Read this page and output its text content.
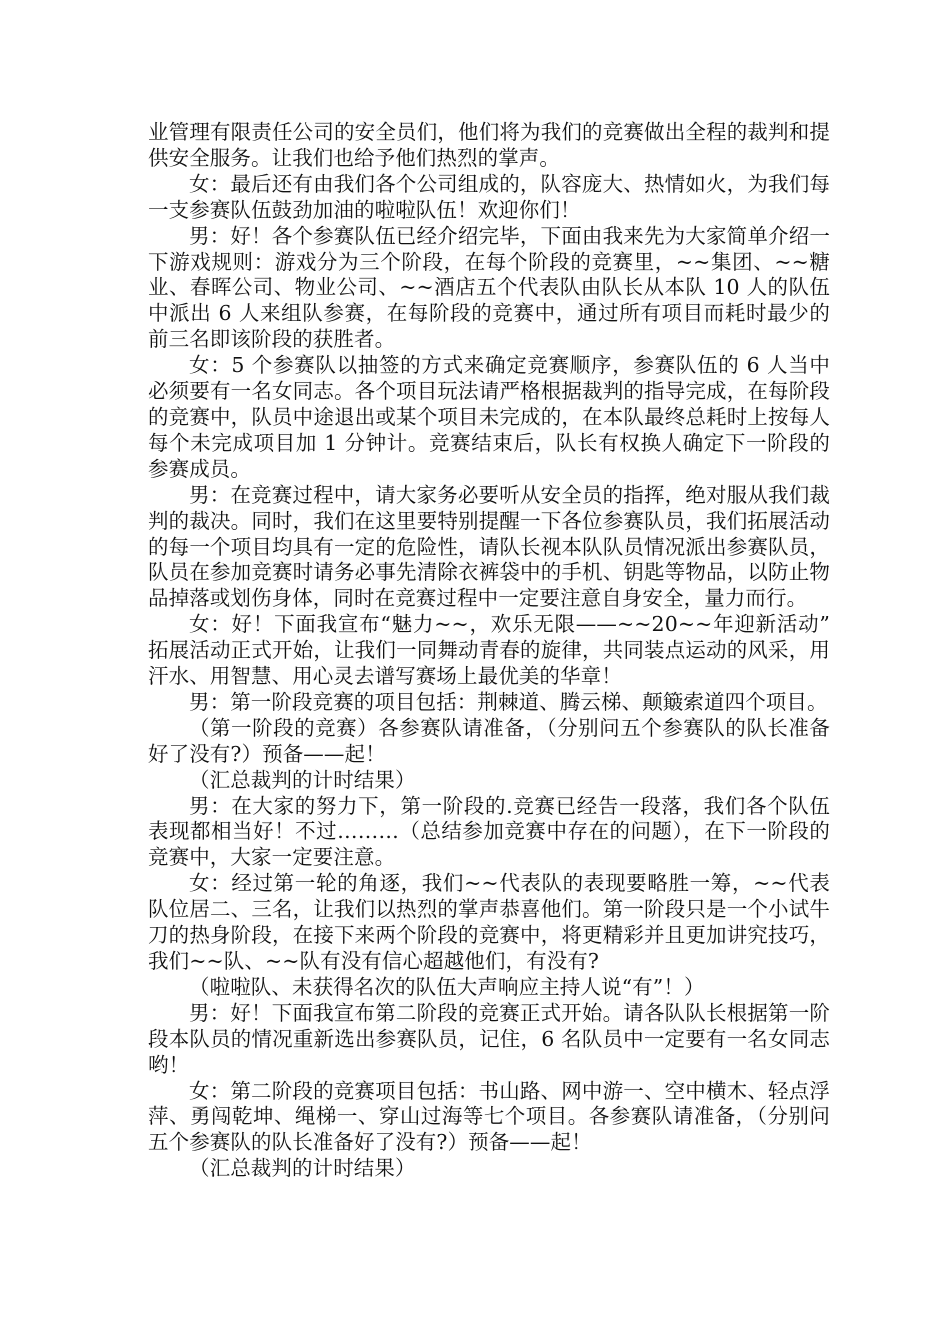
业管理有限责任公司的安全员们，他们将为我们的竞赛做出全程的裁判和提供安全服务。让我们也给予他们热烈的掌声。

女：最后还有由我们各个公司组成的，队容庞大、热情如火，为我们每一支参赛队伍鼓劲加油的啦啦队伍！欢迎你们！

男：好！各个参赛队伍已经介绍完毕，下面由我来先为大家简单介绍一下游戏规则：游戏分为三个阶段，在每个阶段的竞赛里，~~集团、~~糖业、春晖公司、物业公司、~~酒店五个代表队由队长从本队 10 人的队伍中派出 6 人来组队参赛，在每阶段的竞赛中，通过所有项目而耗时最少的前三名即该阶段的获胜者。

女：5 个参赛队以抽签的方式来确定竞赛顺序，参赛队伍的 6 人当中必须要有一名女同志。各个项目玩法请严格根据裁判的指导完成，在每阶段的竞赛中，队员中途退出或某个项目未完成的，在本队最终总耗时上按每人每个未完成项目加 1 分钟计。竞赛结束后，队长有权换人确定下一阶段的参赛成员。

男：在竞赛过程中，请大家务必要听从安全员的指挥，绝对服从我们裁判的裁决。同时，我们在这里要特别提醒一下各位参赛队员，我们拓展活动的每一个项目均具有一定的危险性，请队长视本队队员情况派出参赛队员，队员在参加竞赛时请务必事先清除衣裤袋中的手机、钥匙等物品，以防止物品掉落或划伤身体，同时在竞赛过程中一定要注意自身安全，量力而行。

女：好！下面我宣布“魅力~~，欢乐无限——~~20~~年迎新活动”拓展活动正式开始，让我们一同舞动青春的旋律，共同装点运动的风采，用汗水、用智慧、用心灵去谱写赛场上最优美的华章！

男：第一阶段竞赛的项目包括：荆棘道、腾云梯、颠簸索道四个项目。

（第一阶段的竞赛）各参赛队请准备，（分别问五个参赛队的队长准备好了没有?）预备——起！

（汇总裁判的计时结果）

男：在大家的努力下，第一阶段的.竞赛已经告一段落，我们各个队伍表现都相当好！不过………（总结参加竞赛中存在的问题），在下一阶段的竞赛中，大家一定要注意。

女：经过第一轮的角逐，我们~~代表队的表现要略胜一筹，~~代表队位居二、三名，让我们以热烈的掌声恭喜他们。第一阶段只是一个小试牛刀的热身阶段，在接下来两个阶段的竞赛中，将更精彩并且更加讲究技巧，我们~~队、~~队有没有信心超越他们，有没有?

（啦啦队、未获得名次的队伍大声响应主持人说“有”！）

男：好！下面我宣布第二阶段的竞赛正式开始。请各队队长根据第一阶段本队员的情况重新选出参赛队员，记住，6 名队员中一定要有一名女同志哟！

女：第二阶段的竞赛项目包括：书山路、网中游一、空中横木、轻点浮萍、勇闯乾坤、绳梯一、穿山过海等七个项目。各参赛队请准备，（分别问五个参赛队的队长准备好了没有?）预备——起！

（汇总裁判的计时结果）
